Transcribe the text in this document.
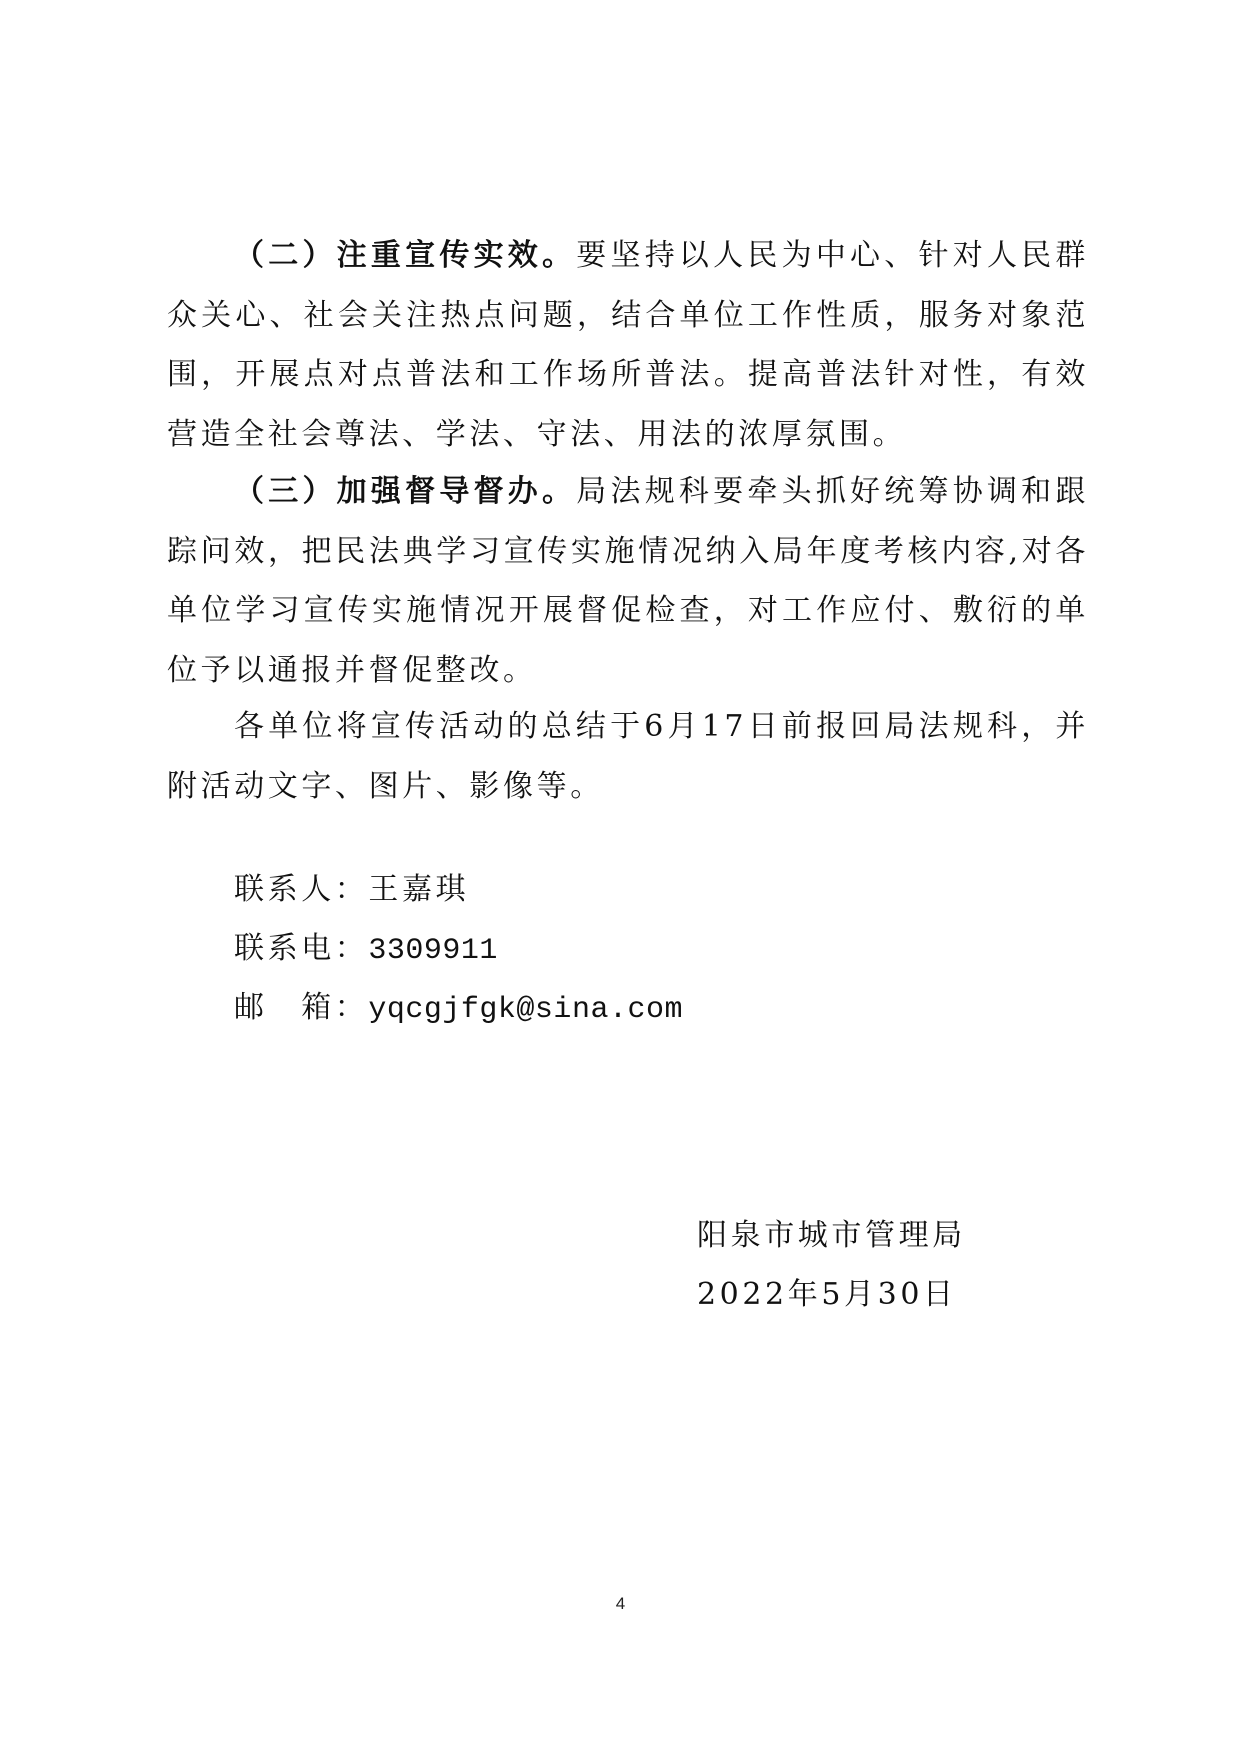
（二）注重宣传实效。要坚持以人民为中心、针对人民群众关心、社会关注热点问题，结合单位工作性质，服务对象范围，开展点对点普法和工作场所普法。提高普法针对性，有效营造全社会尊法、学法、守法、用法的浓厚氛围。

（三）加强督导督办。局法规科要牵头抓好统筹协调和跟踪问效，把民法典学习宣传实施情况纳入局年度考核内容,对各单位学习宣传实施情况开展督促检查，对工作应付、敷衍的单位予以通报并督促整改。

各单位将宣传活动的总结于6月17日前报回局法规科，并附活动文字、图片、影像等。

联系人：王嘉琪

联系电：3309911

邮　箱：yqcgjfgk@sina.com

阳泉市城市管理局

2022年5月30日

4
